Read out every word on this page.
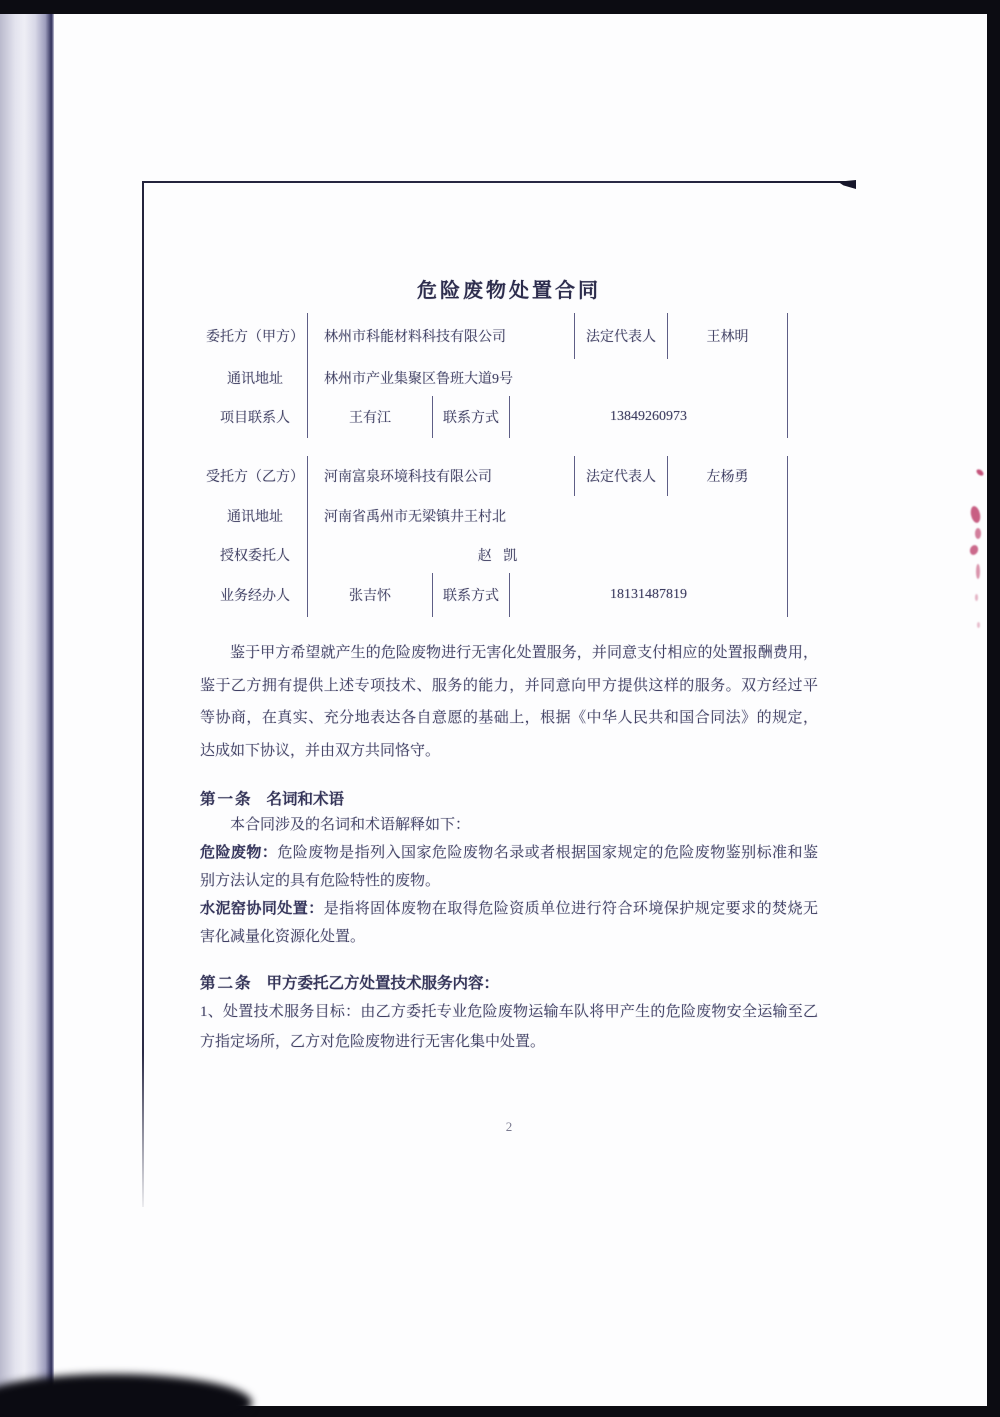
危险废物处置合同
委托方（甲方）	林州市科能材料科技有限公司	法定代表人	王林明
通讯地址	林州市产业集聚区鲁班大道9号
项目联系人	王有江	联系方式	13849260973
受托方（乙方）	河南富泉环境科技有限公司	法定代表人	左杨勇
通讯地址	河南省禹州市无梁镇井王村北
授权委托人	赵 凯
业务经办人	张吉怀	联系方式	18131487819
鉴于甲方希望就产生的危险废物进行无害化处置服务，并同意支付相应的处置报酬费用，
鉴于乙方拥有提供上述专项技术、服务的能力，并同意向甲方提供这样的服务。双方经过平
等协商，在真实、充分地表达各自意愿的基础上，根据《中华人民共和国合同法》的规定，
达成如下协议，并由双方共同恪守。
第一条 名词和术语
本合同涉及的名词和术语解释如下：
危险废物：危险废物是指列入国家危险废物名录或者根据国家规定的危险废物鉴别标准和鉴
别方法认定的具有危险特性的废物。
水泥窑协同处置：是指将固体废物在取得危险资质单位进行符合环境保护规定要求的焚烧无
害化减量化资源化处置。
第二条 甲方委托乙方处置技术服务内容：
1、处置技术服务目标：由乙方委托专业危险废物运输车队将甲产生的危险废物安全运输至乙
方指定场所，乙方对危险废物进行无害化集中处置。
2
